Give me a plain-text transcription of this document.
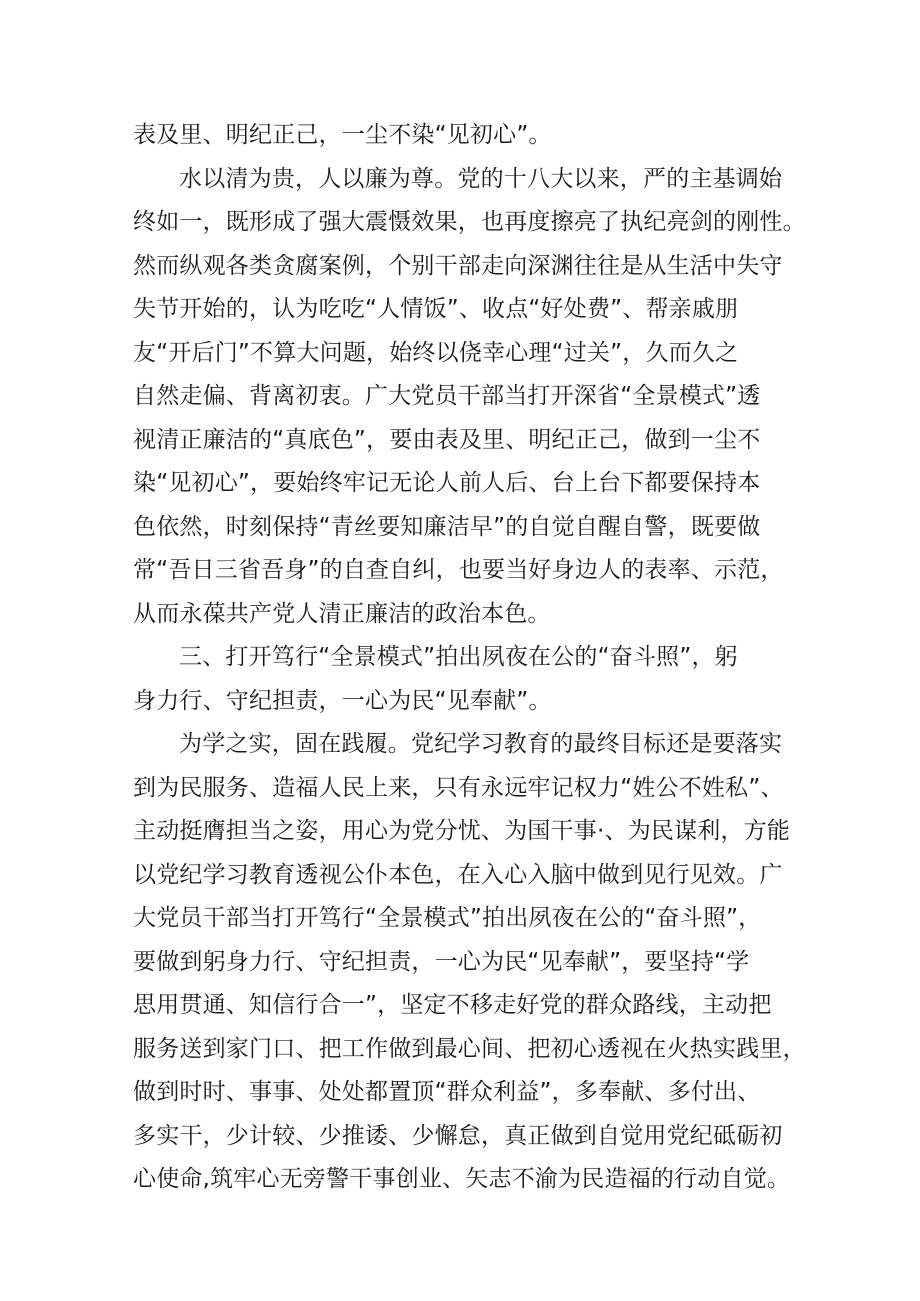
表及里、明纪正己，一尘不染“见初心”。
水以清为贵，人以廉为尊。党的十八大以来，严的主基调始
终如一，既形成了强大震慑效果，也再度擦亮了执纪亮剑的刚性。
然而纵观各类贪腐案例，个别干部走向深渊往往是从生活中失守
失节开始的，认为吃吃“人情饭”、收点“好处费”、帮亲戚朋
友“开后门”不算大问题，始终以侥幸心理“过关”，久而久之
自然走偏、背离初衷。广大党员干部当打开深省“全景模式”透
视清正廉洁的“真底色”，要由表及里、明纪正己，做到一尘不
染“见初心”，要始终牢记无论人前人后、台上台下都要保持本
色依然，时刻保持“青丝要知廉洁早”的自觉自醒自警，既要做
常“吾日三省吾身”的自查自纠，也要当好身边人的表率、示范，
从而永葆共产党人清正廉洁的政治本色。
三、打开笃行“全景模式”拍出夙夜在公的“奋斗照”，躬
身力行、守纪担责，一心为民“见奉献”。
为学之实，固在践履。党纪学习教育的最终目标还是要落实
到为民服务、造福人民上来，只有永远牢记权力“姓公不姓私”、
主动挺膺担当之姿，用心为党分忧、为国干事·、为民谋利，方能
以党纪学习教育透视公仆本色，在入心入脑中做到见行见效。广
大党员干部当打开笃行“全景模式”拍出夙夜在公的“奋斗照”，
要做到躬身力行、守纪担责，一心为民“见奉献”，要坚持“学
思用贯通、知信行合一”，坚定不移走好党的群众路线，主动把
服务送到家门口、把工作做到最心间、把初心透视在火热实践里，
做到时时、事事、处处都置顶“群众利益”，多奉献、多付出、
多实干，少计较、少推诿、少懈怠，真正做到自觉用党纪砥砺初
心使命,筑牢心无旁警干事创业、矢志不渝为民造福的行动自觉。
